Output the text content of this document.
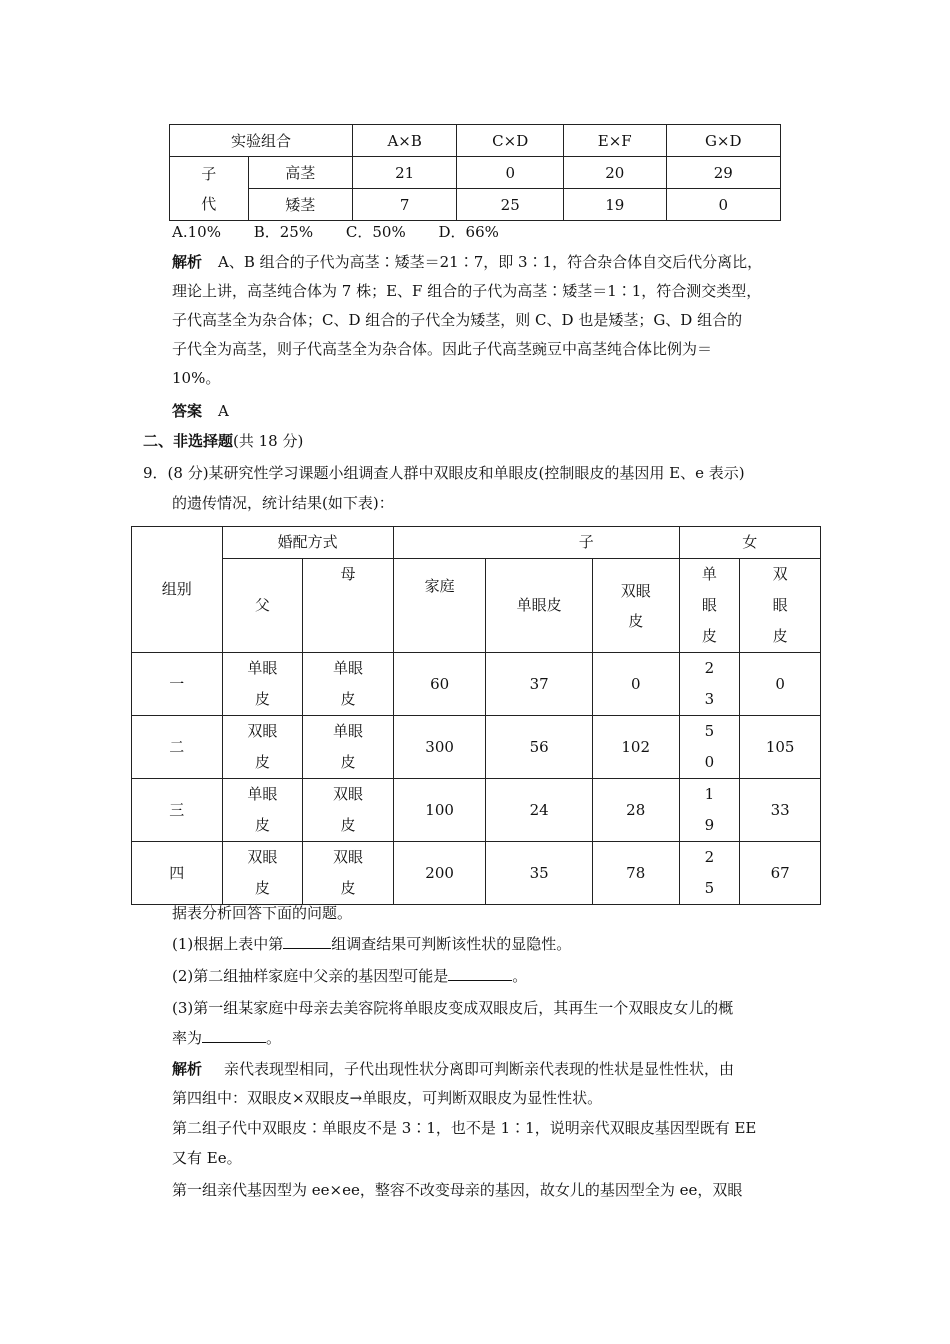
实验组合		A×B	C×D	E×F	G×D

子
代	高茎	21	0	20	29
	矮茎	7	25	19	0
A.10% B．25% C．50% D．66%
解析 A、B 组合的子代为高茎∶矮茎＝21∶7，即 3∶1，符合杂合体自交后代分离比，
理论上讲，高茎纯合体为 7 株；E、F 组合的子代为高茎∶矮茎＝1∶1，符合测交类型，
子代高茎全为杂合体；C、D 组合的子代全为矮茎，则 C、D 也是矮茎；G、D 组合的
子代全为高茎，则子代高茎全为杂合体。因此子代高茎豌豆中高茎纯合体比例为＝
10%。
答案 A
二、非选择题(共 18 分)
9．(8 分)某研究性学习课题小组调查人群中双眼皮和单眼皮(控制眼皮的基因用 E、e 表示)
的遗传情况，统计结果(如下表)：
组别	婚配方式		子			女	
	父	母	家庭	单眼皮	双眼皮	单眼皮	双眼皮

一	单眼皮	单眼皮	60	37	0	23	0
二	双眼皮	单眼皮	300	56	102	50	105
三	单眼皮	双眼皮	100	24	28	19	33
四	双眼皮	双眼皮	200	35	78	25	67
据表分析回答下面的问题。
(1)根据上表中第	组调查结果可判断该性状的显隐性。
(2)第二组抽样家庭中父亲的基因型可能是	。
(3)第一组某家庭中母亲去美容院将单眼皮变成双眼皮后，其再生一个双眼皮女儿的概
率为	。
解析 亲代表现型相同，子代出现性状分离即可判断亲代表现的性状是显性性状，由
第四组中：双眼皮×双眼皮→单眼皮，可判断双眼皮为显性性状。
第二组子代中双眼皮∶单眼皮不是 3∶1，也不是 1∶1，说明亲代双眼皮基因型既有 EE
又有 Ee。
第一组亲代基因型为 ee×ee，整容不改变母亲的基因，故女儿的基因型全为 ee，双眼
